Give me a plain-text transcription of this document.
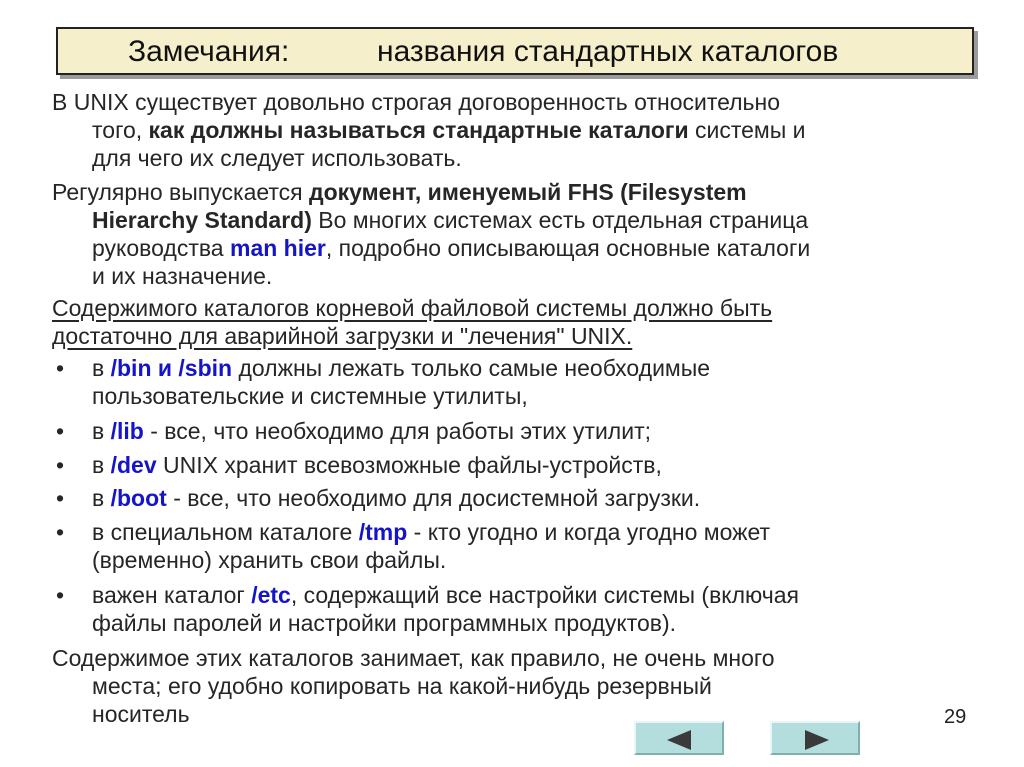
Замечания:	названия стандартных каталогов
В UNIX существует довольно строгая договоренность относительно
того, как должны называться стандартные каталоги системы и
для чего их следует использовать.
Регулярно выпускается документ, именуемый FHS (Filesystem
Hierarchy Standard) Во многих системах есть отдельная страница
руководства man hier, подробно описывающая основные каталоги
и их назначение.
Содержимого каталогов корневой файловой системы должно быть
достаточно для аварийной загрузки и "лечения" UNIX.
•	в /bin и /sbin должны лежать только самые необходимые
пользовательские и системные утилиты,
•	в /lib - все, что необходимо для работы этих утилит;
•	в /dev UNIX хранит всевозможные файлы-устройств,
•	в /boot - все, что необходимо для досистемной загрузки.
•	в специальном каталоге /tmp - кто угодно и когда угодно может
(временно) хранить свои файлы.
•	важен каталог /etc, содержащий все настройки системы (включая
файлы паролей и настройки программных продуктов).
Содержимое этих каталогов занимает, как правило, не очень много
места; его удобно копировать на какой-нибудь резервный
носитель	29
